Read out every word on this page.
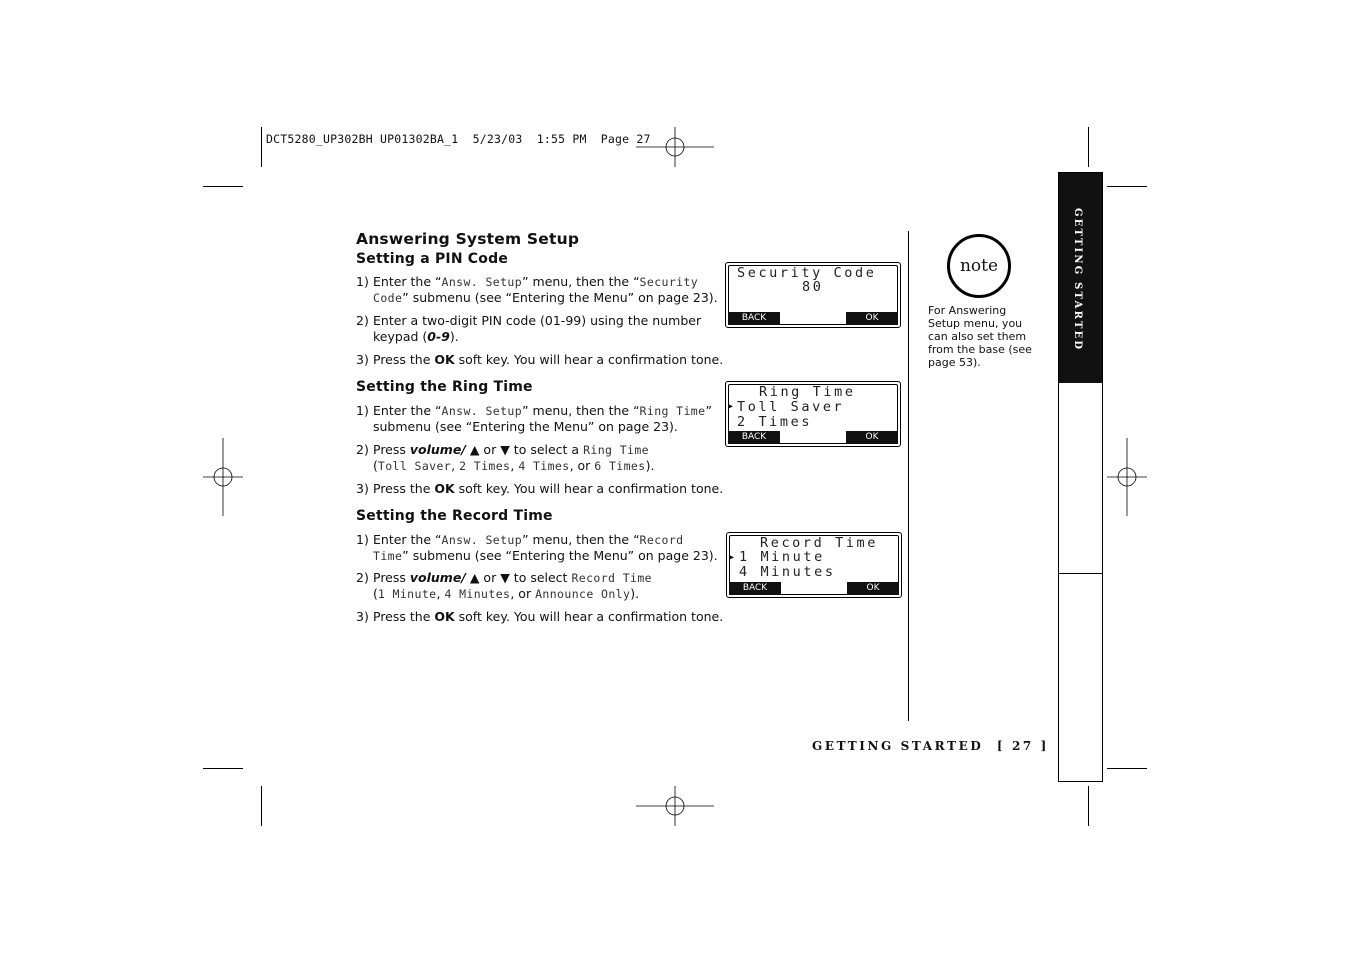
DCT5280_UP302BH UP01302BA_1  5/23/03  1:55 PM  Page 27
Answering System Setup
Setting a PIN Code
1) Enter the “Answ. Setup” menu, then the “Security Code” submenu (see “Entering the Menu” on page 23).
2) Enter a two-digit PIN code (01-99) using the number keypad (0-9).
3) Press the OK soft key. You will hear a confirmation tone.
Security Code
80
BACK	OK
Setting the Ring Time
1) Enter the “Answ. Setup” menu, then the “Ring Time” submenu (see “Entering the Menu” on page 23).
2) Press volume/ ▲ or ▼ to select a Ring Time
(Toll Saver, 2 Times, 4 Times, or 6 Times).
3) Press the OK soft key. You will hear a confirmation tone.
Ring Time
▸ Toll Saver
2 Times
BACK	OK
Setting the Record Time
1) Enter the “Answ. Setup” menu, then the “Record Time” submenu (see “Entering the Menu” on page 23).
2) Press volume/ ▲ or ▼ to select Record Time
(1 Minute, 4 Minutes, or Announce Only).
3) Press the OK soft key. You will hear a confirmation tone.
Record Time
▸ 1 Minute
4 Minutes
BACK	OK
note
For Answering Setup menu, you can also set them from the base (see page 53).
GETTING STARTED
GETTING STARTED  [ 27 ]
